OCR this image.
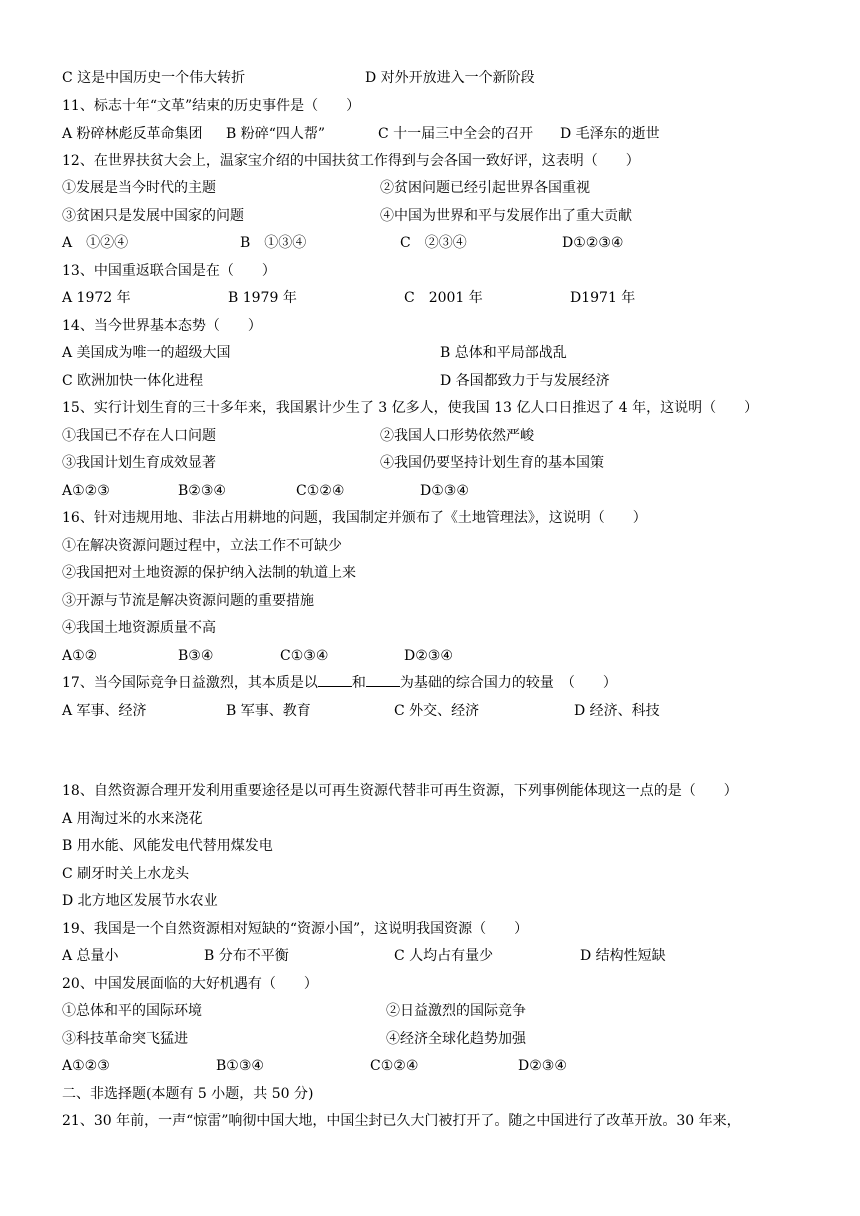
C 这是中国历史一个伟大转折	D 对外开放进入一个新阶段
11、标志十年“文革”结束的历史事件是（　　）
A 粉碎林彪反革命集团 B 粉碎“四人帮”	C 十一届三中全会的召开 D 毛泽东的逝世
12、在世界扶贫大会上，温家宝介绍的中国扶贫工作得到与会各国一致好评，这表明（　　）
①发展是当今时代的主题	②贫困问题已经引起世界各国重视
③贫困只是发展中国家的问题	④中国为世界和平与发展作出了重大贡献
A　①②④	B　①③④	C　②③④	D①②③④
13、中国重返联合国是在（　　）
A 1972 年	B 1979 年	C　2001 年	D1971 年
14、当今世界基本态势（　　）
A 美国成为唯一的超级大国	B 总体和平局部战乱
C 欧洲加快一体化进程	D 各国都致力于与发展经济
15、实行计划生育的三十多年来，我国累计少生了 3 亿多人，使我国 13 亿人口日推迟了 4 年，这说明（　　）
①我国已不存在人口问题	②我国人口形势依然严峻
③我国计划生育成效显著	④我国仍要坚持计划生育的基本国策
A①②③	B②③④	C①②④	D①③④
16、针对违规用地、非法占用耕地的问题，我国制定并颁布了《土地管理法》，这说明（　　）
①在解决资源问题过程中，立法工作不可缺少
②我国把对土地资源的保护纳入法制的轨道上来
③开源与节流是解决资源问题的重要措施
④我国土地资源质量不高
A①②	B③④	C①③④	D②③④
17、当今国际竞争日益激烈，其本质是以 和 为基础的综合国力的较量　（　　）
A 军事、经济	B 军事、教育	C 外交、经济	D 经济、科技
18、自然资源合理开发利用重要途径是以可再生资源代替非可再生资源，下列事例能体现这一点的是（　　）
A 用淘过米的水来浇花
B 用水能、风能发电代替用煤发电
C 刷牙时关上水龙头
D 北方地区发展节水农业
19、我国是一个自然资源相对短缺的“资源小国”，这说明我国资源（　　）
A 总量小	B 分布不平衡	C 人均占有量少	D 结构性短缺
20、中国发展面临的大好机遇有（　　）
①总体和平的国际环境	②日益激烈的国际竞争
③科技革命突飞猛进	④经济全球化趋势加强
A①②③	B①③④	C①②④	D②③④
二、非选择题(本题有 5 小题，共 50 分)
21、30 年前，一声“惊雷”响彻中国大地，中国尘封已久大门被打开了。随之中国进行了改革开放。30 年来，
